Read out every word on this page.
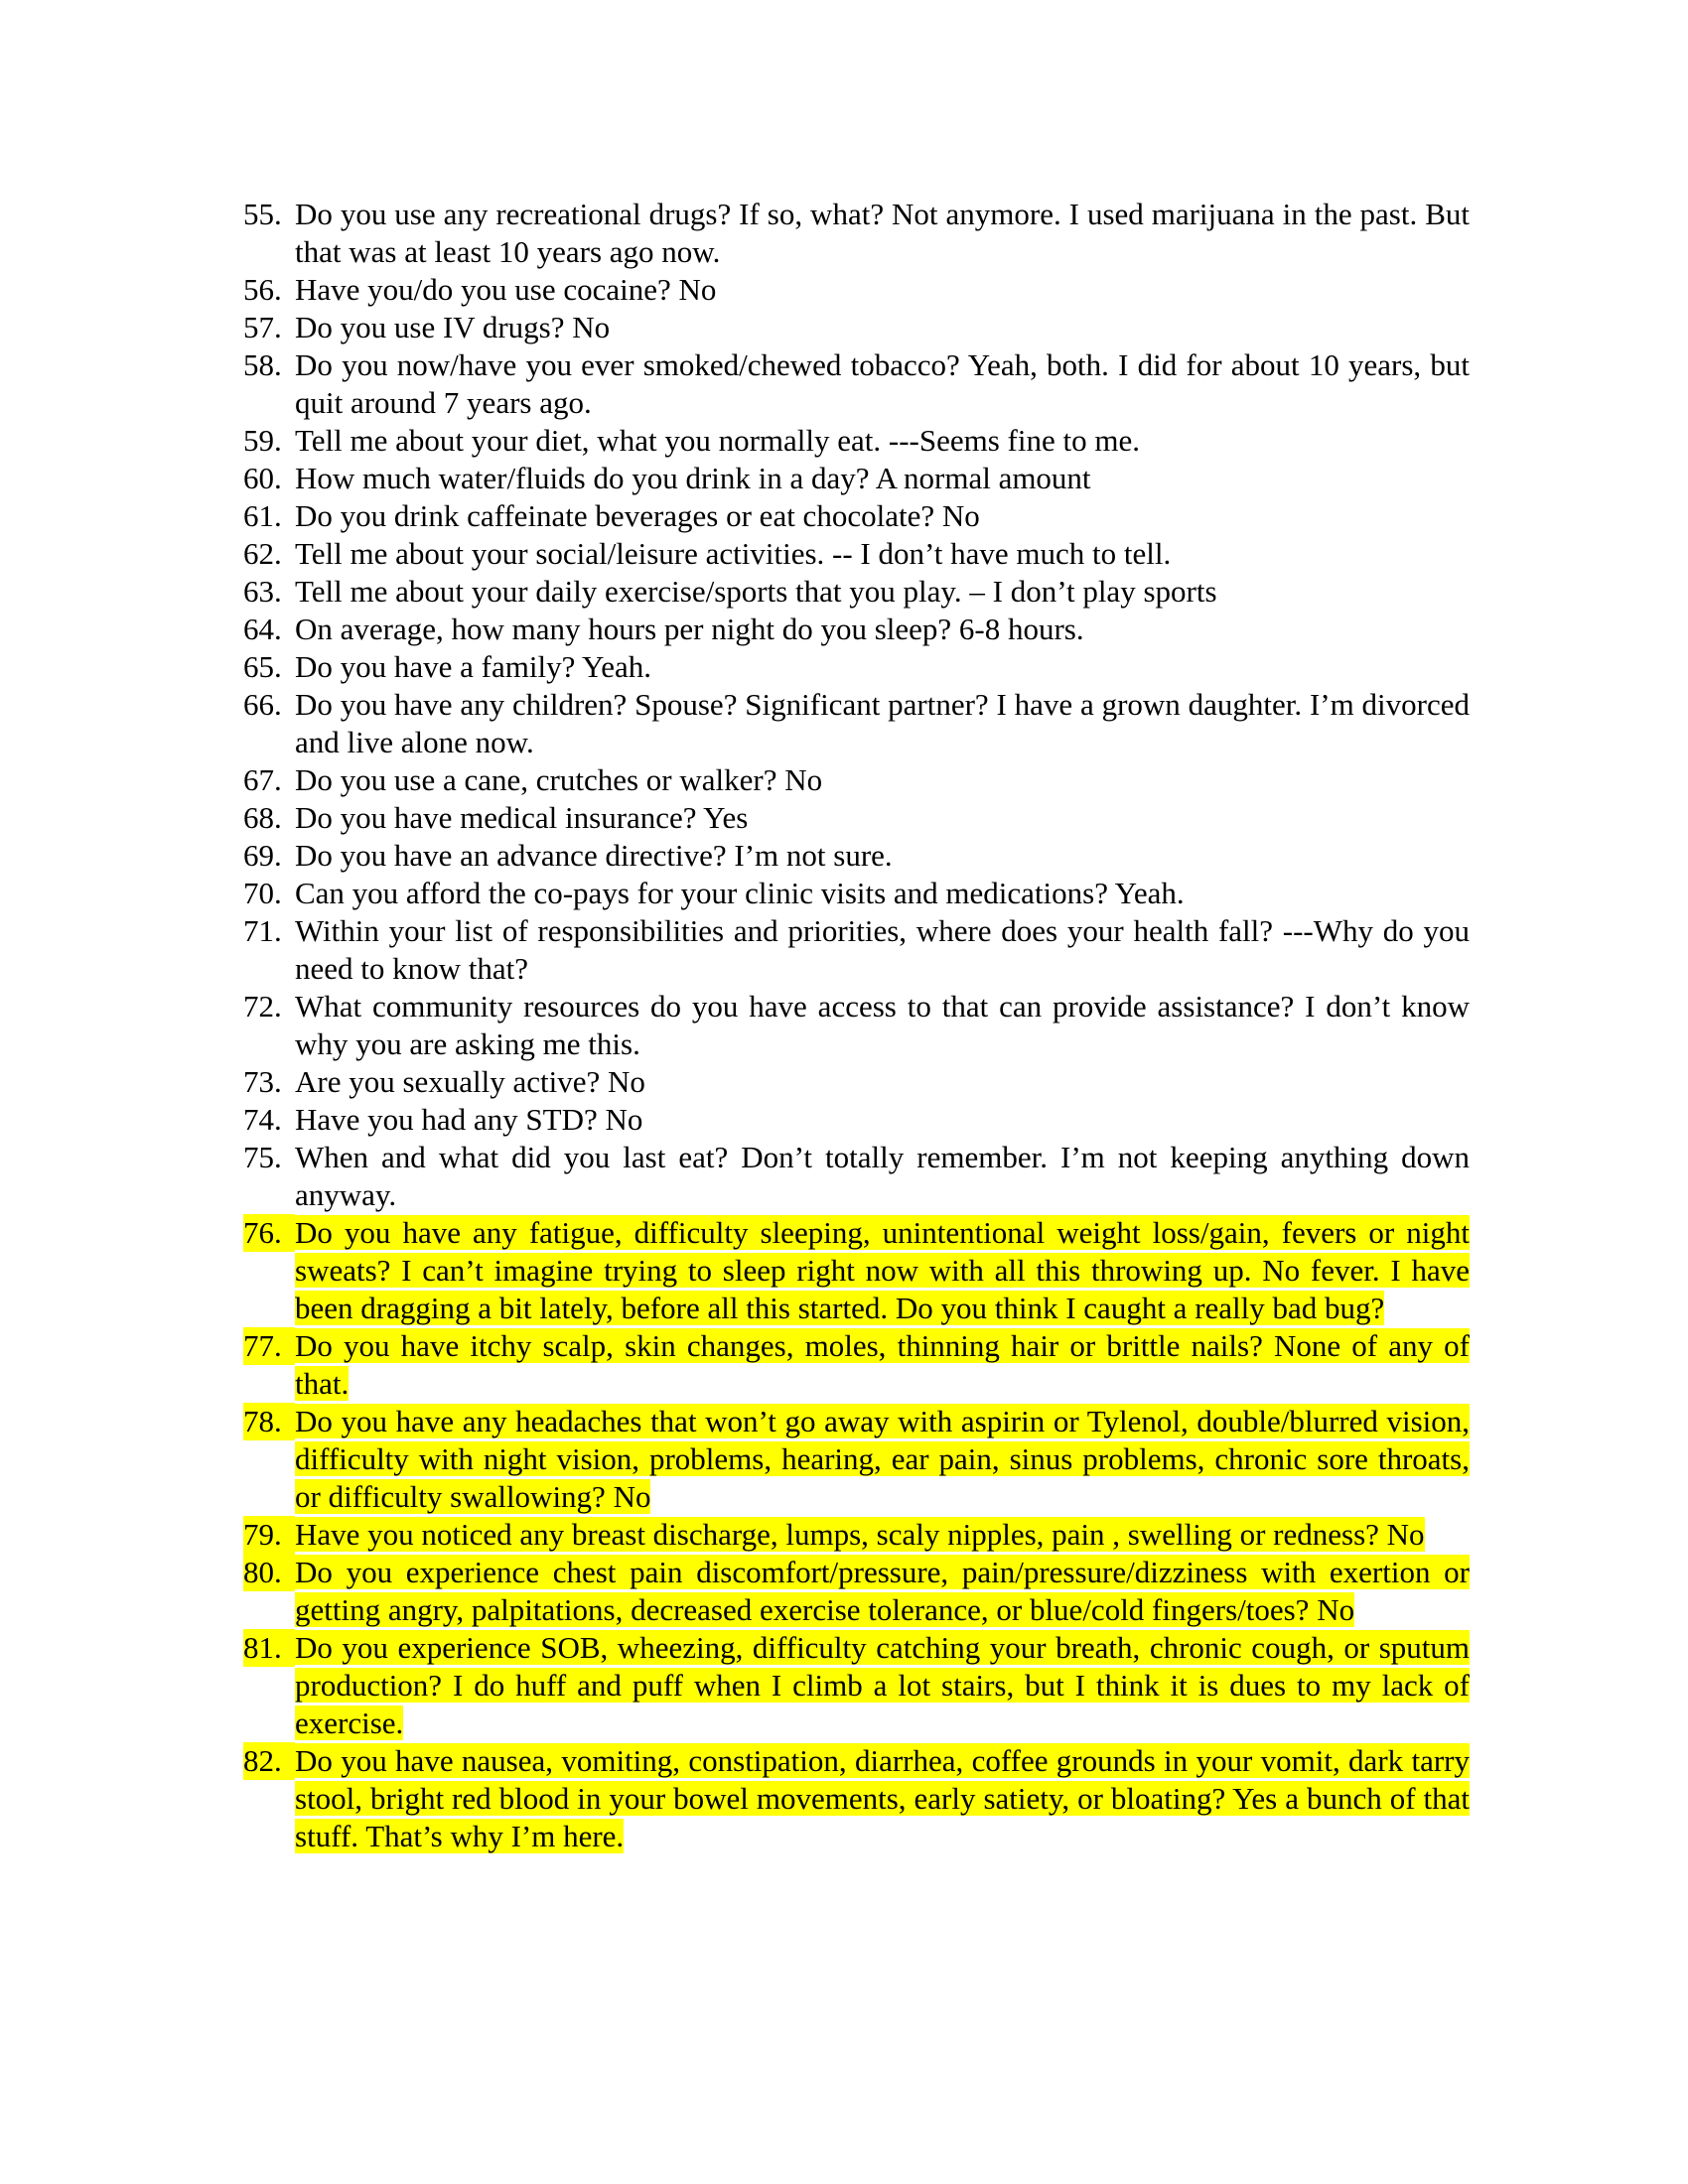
55. Do you use any recreational drugs? If so, what? Not anymore. I used marijuana in the past. But that was at least 10 years ago now.
56. Have you/do you use cocaine? No
57. Do you use IV drugs? No
58. Do you now/have you ever smoked/chewed tobacco? Yeah, both. I did for about 10 years, but quit around 7 years ago.
59. Tell me about your diet, what you normally eat. ---Seems fine to me.
60. How much water/fluids do you drink in a day? A normal amount
61. Do you drink caffeinate beverages or eat chocolate? No
62. Tell me about your social/leisure activities. -- I don’t have much to tell.
63. Tell me about your daily exercise/sports that you play. – I don’t play sports
64. On average, how many hours per night do you sleep? 6-8 hours.
65. Do you have a family? Yeah.
66. Do you have any children? Spouse? Significant partner? I have a grown daughter. I’m divorced and live alone now.
67. Do you use a cane, crutches or walker? No
68. Do you have medical insurance? Yes
69. Do you have an advance directive? I’m not sure.
70. Can you afford the co-pays for your clinic visits and medications? Yeah.
71. Within your list of responsibilities and priorities, where does your health fall? ---Why do you need to know that?
72. What community resources do you have access to that can provide assistance? I don’t know why you are asking me this.
73. Are you sexually active? No
74. Have you had any STD? No
75. When and what did you last eat? Don’t totally remember. I’m not keeping anything down anyway.
76. Do you have any fatigue, difficulty sleeping, unintentional weight loss/gain, fevers or night sweats? I can’t imagine trying to sleep right now with all this throwing up. No fever. I have been dragging a bit lately, before all this started. Do you think I caught a really bad bug?
77. Do you have itchy scalp, skin changes, moles, thinning hair or brittle nails? None of any of that.
78. Do you have any headaches that won’t go away with aspirin or Tylenol, double/blurred vision, difficulty with night vision, problems, hearing, ear pain, sinus problems, chronic sore throats, or difficulty swallowing? No
79. Have you noticed any breast discharge, lumps, scaly nipples, pain , swelling or redness? No
80. Do you experience chest pain discomfort/pressure, pain/pressure/dizziness with exertion or getting angry, palpitations, decreased exercise tolerance, or blue/cold fingers/toes? No
81. Do you experience SOB, wheezing, difficulty catching your breath, chronic cough, or sputum production? I do huff and puff when I climb a lot stairs, but I think it is dues to my lack of exercise.
82. Do you have nausea, vomiting, constipation, diarrhea, coffee grounds in your vomit, dark tarry stool, bright red blood in your bowel movements, early satiety, or bloating? Yes a bunch of that stuff. That’s why I’m here.
